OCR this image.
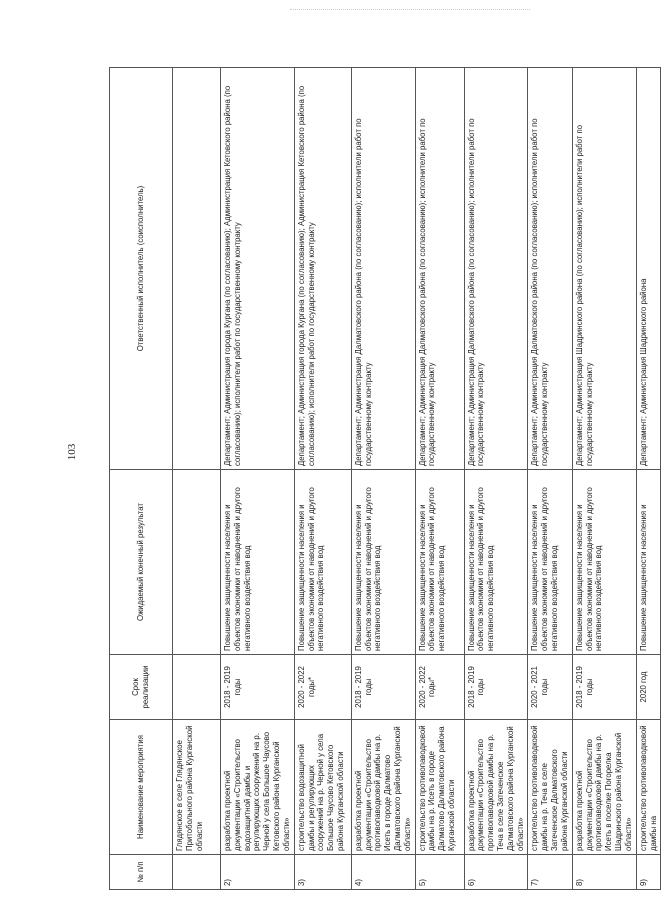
103
№ п/п	Наименование мероприятия	Срок реализации	Ожидаемый конечный результат	Ответственный исполнитель (соисполнитель)
	Глядянское в селе Глядянское Притобольного района Курганской области			
2)	разработка проектной документации «Строительство водозащитной дамбы и регулирующих сооружений на р. Черной у села Большое Чаусово Кетовского района Курганской области»	2018 - 2019 годы	Повышение защищенности населения и объектов экономики от наводнений и другого негативного воздействия вод	Департамент; Администрация города Кургана (по согласованию); Администрация Кетовского района (по согласованию); исполнители работ по государственному контракту
3)	строительство водозащитной дамбы и регулирующих сооружений на р. Черной у села Большое Чаусово Кетовского района Курганской области	2020 - 2022 годы*	Повышение защищенности населения и объектов экономики от наводнений и другого негативного воздействия вод	Департамент; Администрация города Кургана (по согласованию); Администрация Кетовского района (по согласованию); исполнители работ по государственному контракту
4)	разработка проектной документации «Строительство противопаводковой дамбы на р. Исеть в городе Далматово Далматовского района Курганской области»	2018 - 2019 годы	Повышение защищенности населения и объектов экономики от наводнений и другого негативного воздействия вод	Департамент; Администрация Далматовского района (по согласованию); исполнители работ по государственному контракту
5)	строительство противопаводковой дамбы на р. Исеть в городе Далматово Далматовского района Курганской области	2020 - 2022 годы*	Повышение защищенности населения и объектов экономики от наводнений и другого негативного воздействия вод	Департамент; Администрация Далматовского района (по согласованию); исполнители работ по государственному контракту
6)	разработка проектной документации «Строительство противопаводковой дамбы на р. Теча в селе Затеченское Далматовского района Курганской области»	2018 - 2019 годы	Повышение защищенности населения и объектов экономики от наводнений и другого негативного воздействия вод	Департамент; Администрация Далматовского района (по согласованию); исполнители работ по государственному контракту
7)	строительство противопаводковой дамбы на р. Теча в селе Затеченское Далматовского района Курганской области	2020 - 2021 годы	Повышение защищенности населения и объектов экономики от наводнений и другого негативного воздействия вод	Департамент; Администрация Далматовского района (по согласованию); исполнители работ по государственному контракту
8)	разработка проектной документации «Строительство противопаводковой дамбы на р. Исеть в поселке Погорелка Шадринского района Курганской области»	2018 - 2019 годы	Повышение защищенности населения и объектов экономики от наводнений и другого негативного воздействия вод	Департамент; Администрация Шадринского района (по согласованию); исполнители работ по государственному контракту
9)	строительство противопаводковой дамбы на	2020 год	Повышение защищенности населения и	Департамент; Администрация Шадринского района
